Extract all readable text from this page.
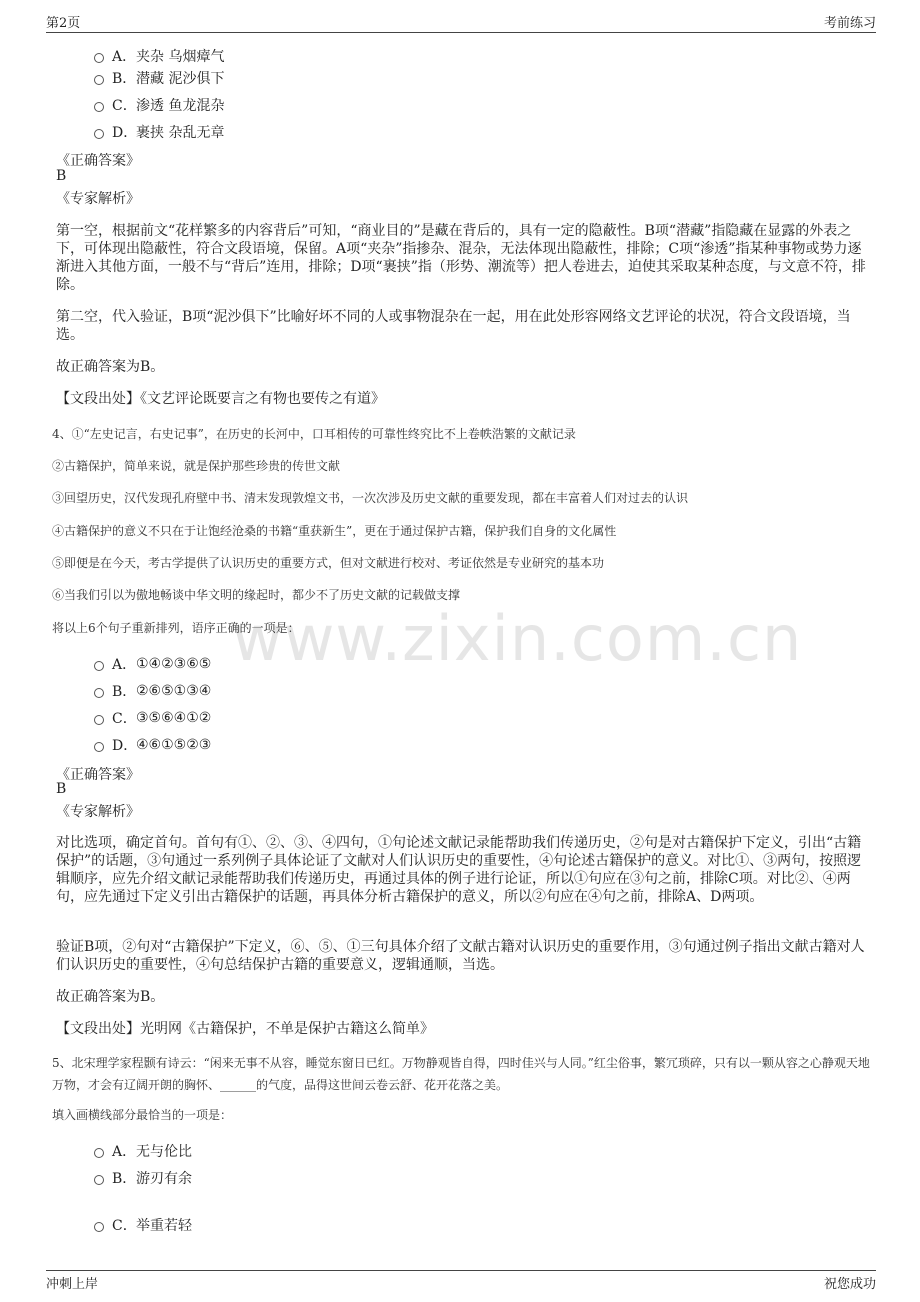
第2页	考前练习
www.zixin.com.cn
A． 夹杂 乌烟瘴气
B． 潜藏 泥沙俱下
C． 渗透 鱼龙混杂
D．
裹挟 杂乱无章
《正确答案》
B
《专家解析》
第一空，根据前文“花样繁多的内容背后”可知，“商业目的”是藏在背后的，具有一定的隐蔽性。B项“潜藏”指隐藏在显露的外表之下，可体现出隐蔽性，符合文段语境，保留。A项“夹杂”指掺杂、混杂，无法体现出隐蔽性，排除；C项“渗透”指某种事物或势力逐渐进入其他方面，一般不与“背后”连用，排除；D项“裹挟”指（形势、潮流等）把人卷进去，迫使其采取某种态度，与文意不符，排除。
第二空，代入验证，B项“泥沙俱下”比喻好坏不同的人或事物混杂在一起，用在此处形容网络文艺评论的状况，符合文段语境，当选。
故正确答案为B。
【文段出处】《文艺评论既要言之有物也要传之有道》
4、①“左史记言，右史记事”，在历史的长河中，口耳相传的可靠性终究比不上卷帙浩繁的文献记录
②古籍保护，简单来说，就是保护那些珍贵的传世文献
③回望历史，汉代发现孔府壁中书、清末发现敦煌文书，一次次涉及历史文献的重要发现，都在丰富着人们对过去的认识
④古籍保护的意义不只在于让饱经沧桑的书籍“重获新生”，更在于通过保护古籍，保护我们自身的文化属性
⑤即便是在今天，考古学提供了认识历史的重要方式，但对文献进行校对、考证依然是专业研究的基本功
⑥当我们引以为傲地畅谈中华文明的缘起时，都少不了历史文献的记载做支撑
将以上6个句子重新排列，语序正确的一项是：
A． ①④②③⑥⑤
B． ②⑥⑤①③④
C． ③⑤⑥④①②
D．
④⑥①⑤②③
《正确答案》
B
《专家解析》
对比选项，确定首句。首句有①、②、③、④四句，①句论述文献记录能帮助我们传递历史，②句是对古籍保护下定义，引出“古籍保护”的话题，③句通过一系列例子具体论证了文献对人们认识历史的重要性，④句论述古籍保护的意义。对比①、③两句，按照逻辑顺序，应先介绍文献记录能帮助我们传递历史，再通过具体的例子进行论证，所以①句应在③句之前，排除C项。对比②、④两句，应先通过下定义引出古籍保护的话题，再具体分析古籍保护的意义，所以②句应在④句之前，排除A、D两项。
验证B项，②句对“古籍保护”下定义，⑥、⑤、①三句具体介绍了文献古籍对认识历史的重要作用，③句通过例子指出文献古籍对人们认识历史的重要性，④句总结保护古籍的重要意义，逻辑通顺，当选。
故正确答案为B。
【文段出处】光明网《古籍保护，不单是保护古籍这么简单》
5、北宋理学家程颢有诗云：“闲来无事不从容，睡觉东窗日已红。万物静观皆自得，四时佳兴与人同。”红尘俗事，繁冗琐碎，只有以一颗从容之心静观天地万物，才会有辽阔开朗的胸怀、______的气度，品得这世间云卷云舒、花开花落之美。
填入画横线部分最恰当的一项是：
A． 无与伦比
B． 游刃有余
C． 举重若轻
冲刺上岸	祝您成功
